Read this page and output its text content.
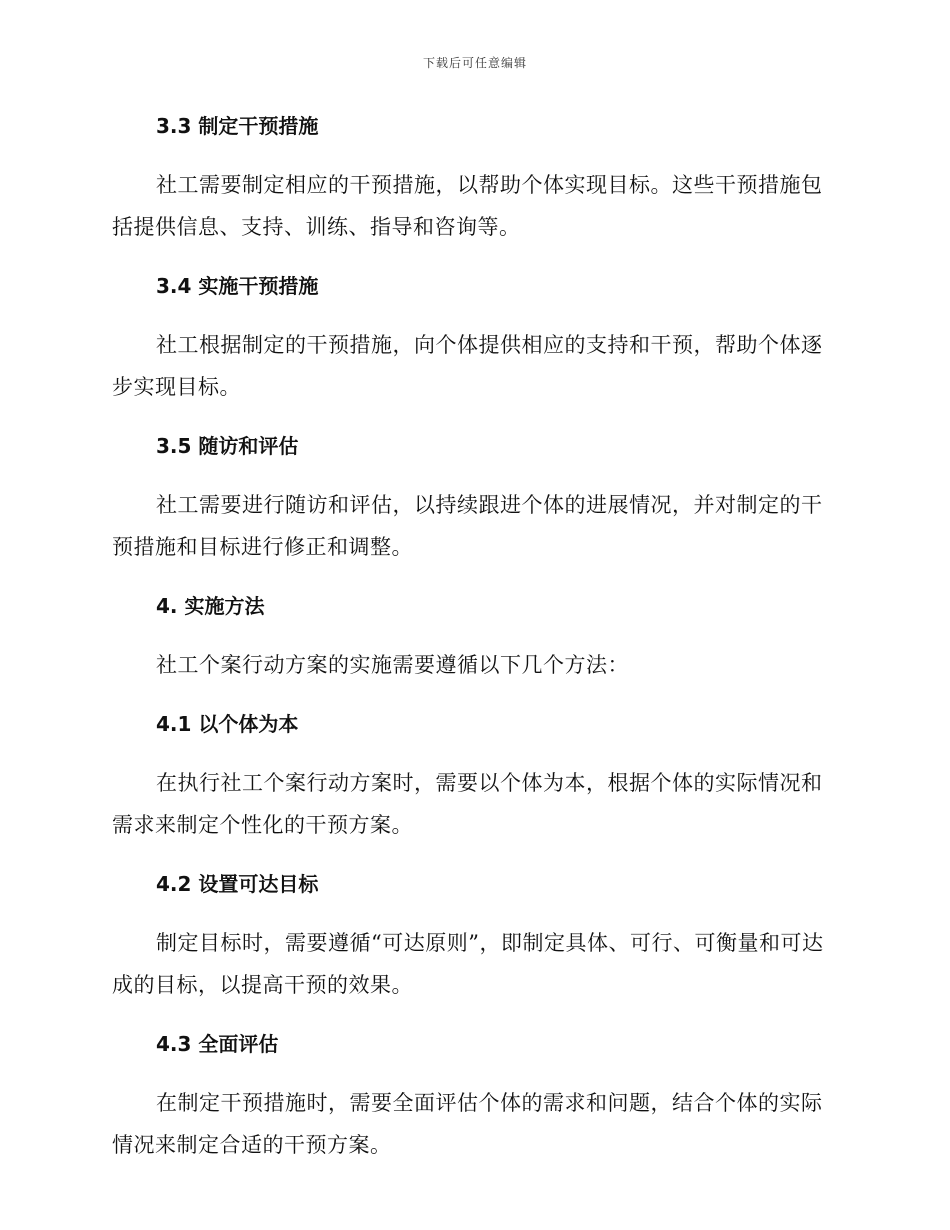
下载后可任意编辑
3.3 制定干预措施

社工需要制定相应的干预措施，以帮助个体实现目标。这些干预措施包括提供信息、支持、训练、指导和咨询等。

3.4 实施干预措施

社工根据制定的干预措施，向个体提供相应的支持和干预，帮助个体逐步实现目标。

3.5 随访和评估

社工需要进行随访和评估，以持续跟进个体的进展情况，并对制定的干预措施和目标进行修正和调整。

4. 实施方法

社工个案行动方案的实施需要遵循以下几个方法：

4.1 以个体为本

在执行社工个案行动方案时，需要以个体为本，根据个体的实际情况和需求来制定个性化的干预方案。

4.2 设置可达目标

制定目标时，需要遵循“可达原则”，即制定具体、可行、可衡量和可达成的目标，以提高干预的效果。

4.3 全面评估

在制定干预措施时，需要全面评估个体的需求和问题，结合个体的实际情况来制定合适的干预方案。
